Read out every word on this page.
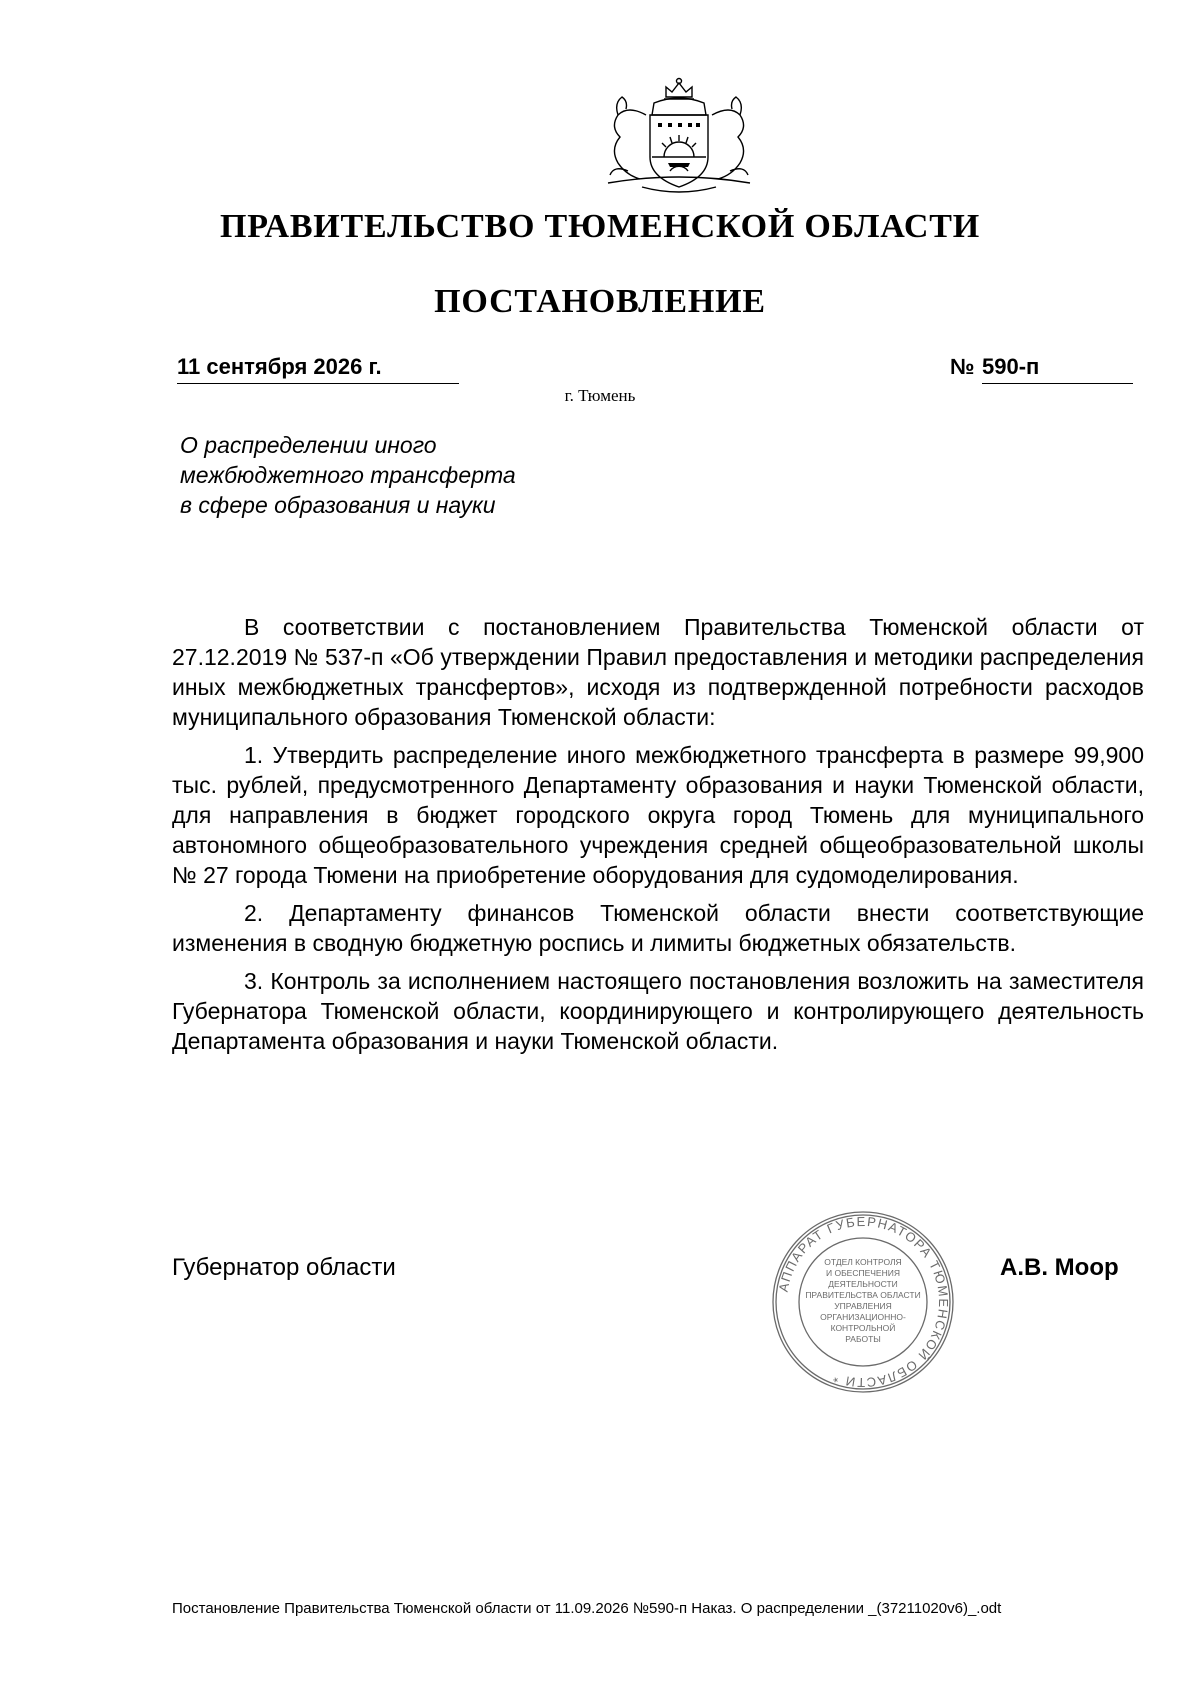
ПРАВИТЕЛЬСТВО ТЮМЕНСКОЙ ОБЛАСТИ
ПОСТАНОВЛЕНИЕ
11 сентября 2026 г.	№ 590-п
г. Тюмень
О распределении иного
межбюджетного трансферта
в сфере образования и науки

В соответствии с постановлением Правительства Тюменской области от 27.12.2019 № 537-п «Об утверждении Правил предоставления и методики распределения иных межбюджетных трансфертов», исходя из подтвержденной потребности расходов муниципального образования Тюменской области:

1. Утвердить распределение иного межбюджетного трансферта в размере 99,900 тыс. рублей, предусмотренного Департаменту образования и науки Тюменской области, для направления в бюджет городского округа город Тюмень для муниципального автономного общеобразовательного учреждения средней общеобразовательной школы № 27 города Тюмени на приобретение оборудования для судомоделирования.

2. Департаменту финансов Тюменской области внести соответствующие изменения в сводную бюджетную роспись и лимиты бюджетных обязательств.

3. Контроль за исполнением настоящего постановления возложить на заместителя Губернатора Тюменской области, координирующего и контролирующего деятельность Департамента образования и науки Тюменской области.

Губернатор области
АППАРАТ ГУБЕРНАТОРА ТЮМЕНСКОЙ ОБЛАСТИ *
ОТДЕЛ КОНТРОЛЯ
И ОБЕСПЕЧЕНИЯ
ДЕЯТЕЛЬНОСТИ
ПРАВИТЕЛЬСТВА ОБЛАСТИ
УПРАВЛЕНИЯ
ОРГАНИЗАЦИОННО-
КОНТРОЛЬНОЙ
РАБОТЫ
А.В. Моор
Постановление Правительства Тюменской области от 11.09.2026 №590-п Наказ. О распределении _(37211020v6)_.odt
